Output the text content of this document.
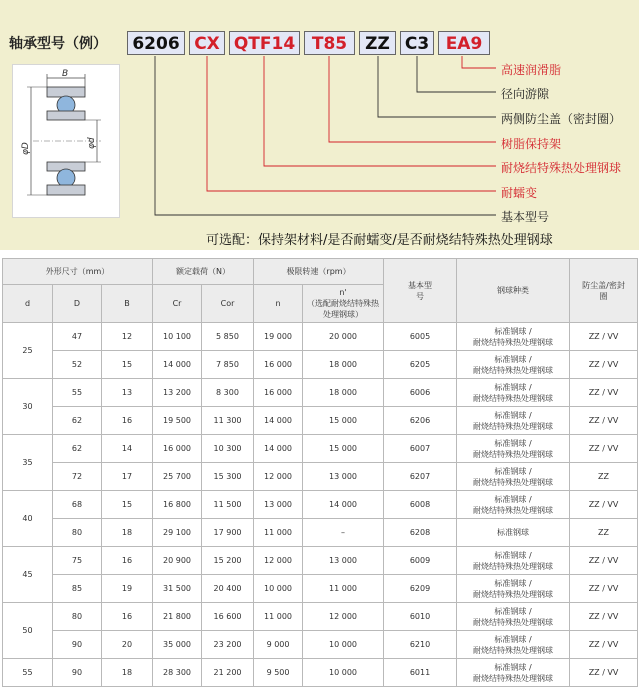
轴承型号（例）	6206 CX QTF14 T85	ZZ C3 EA9
B
φD	φd
高速润滑脂
径向游隙
两侧防尘盖（密封圈）
树脂保持架
耐烧结特殊热处理钢球
耐蠕变
基本型号
可选配：保持架材料/是否耐蠕变/是否耐烧结特殊热处理钢球
外形尺寸（mm）			额定载荷（N）		极限转速（rpm）		基本型号	钢球种类	防尘盖/密封圈
d	D	B	Cr	Cor	n	n'
（选配耐烧结特殊热处理钢球）			

25	47	12	10 100	5 850	19 000	20 000	6005	标准钢球 /
耐烧结特殊热处理钢球	ZZ / VV
	52	15	14 000	7 850	16 000	18 000	6205	标准钢球 /
耐烧结特殊热处理钢球	ZZ / VV
30	55	13	13 200	8 300	16 000	18 000	6006	标准钢球 /
耐烧结特殊热处理钢球	ZZ / VV
	62	16	19 500	11 300	14 000	15 000	6206	标准钢球 /
耐烧结特殊热处理钢球	ZZ / VV
35	62	14	16 000	10 300	14 000	15 000	6007	标准钢球 /
耐烧结特殊热处理钢球	ZZ / VV
	72	17	25 700	15 300	12 000	13 000	6207	标准钢球 /
耐烧结特殊热处理钢球	ZZ
40	68	15	16 800	11 500	13 000	14 000	6008	标准钢球 /
耐烧结特殊热处理钢球	ZZ / VV
	80	18	29 100	17 900	11 000	–	6208	标准钢球	ZZ
45	75	16	20 900	15 200	12 000	13 000	6009	标准钢球 /
耐烧结特殊热处理钢球	ZZ / VV
	85	19	31 500	20 400	10 000	11 000	6209	标准钢球 /
耐烧结特殊热处理钢球	ZZ / VV
50	80	16	21 800	16 600	11 000	12 000	6010	标准钢球 /
耐烧结特殊热处理钢球	ZZ / VV
	90	20	35 000	23 200	9 000	10 000	6210	标准钢球 /
耐烧结特殊热处理钢球	ZZ / VV
55	90	18	28 300	21 200	9 500	10 000	6011	标准钢球 /
耐烧结特殊热处理钢球	ZZ / VV
